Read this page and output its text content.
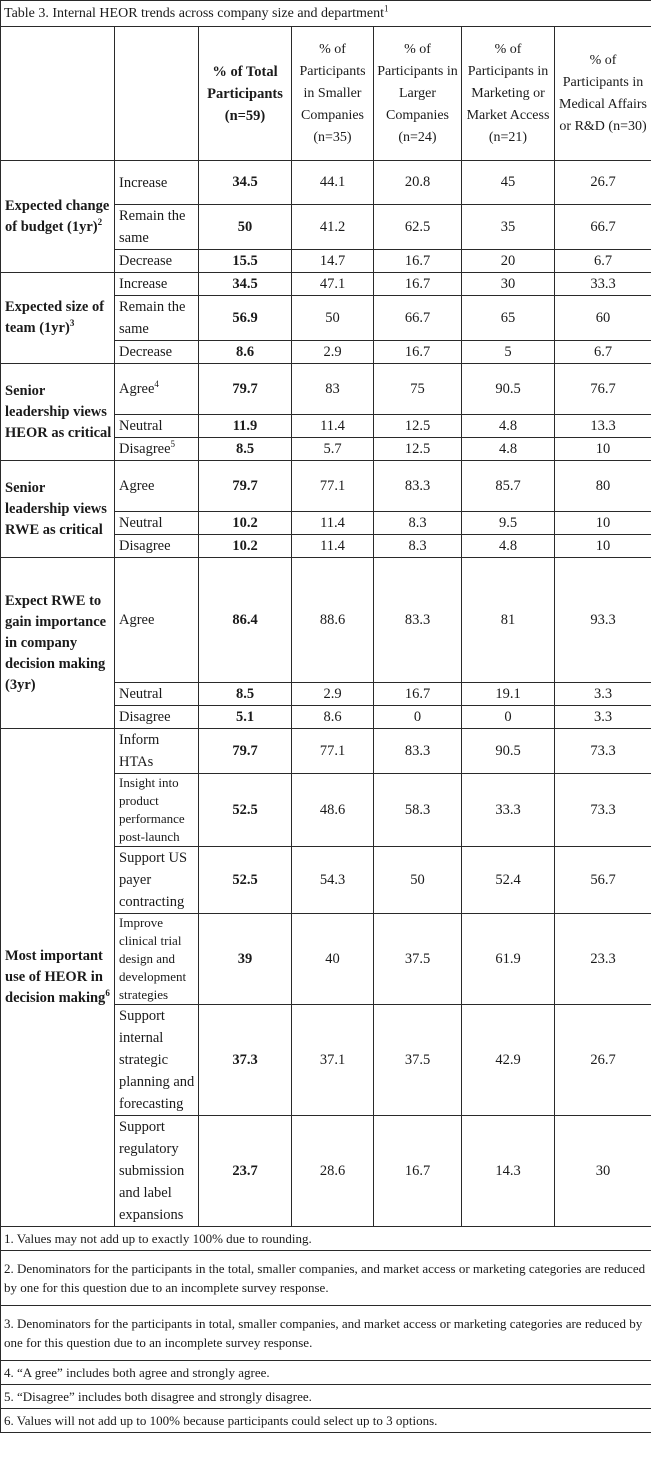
Table 3. Internal HEOR trends across company size and department$^1$
		% of Total Participants (n=59)	% of Participants in Smaller Companies (n=35)	% of Participants in Larger Companies (n=24)	% of Participants in Marketing or Market Access (n=21)	% of Participants in Medical Affairs or R&D (n=30)
Expected change of budget $(1yr)^2$	Increase	34.5	44.1	20.8	45	26.7
	Remain the same	50	41.2	62.5	35	66.7
	Decrease	15.5	14.7	16.7	20	6.7
Expected size of team $(1yr)^3$	Increase	34.5	47.1	16.7	30	33.3
	Remain the same	56.9	50	66.7	65	60
	Decrease	8.6	2.9	16.7	5	6.7
Senior leadership views HEOR as critical	Agree$^4$	79.7	83	75	90.5	76.7
	Neutral	11.9	11.4	12.5	4.8	13.3
	Disagree$^5$	8.5	5.7	12.5	4.8	10
Senior leadership views RWE as critical	Agree	79.7	77.1	83.3	85.7	80
	Neutral	10.2	11.4	8.3	9.5	10
	Disagree	10.2	11.4	8.3	4.8	10
Expect RWE to gain importance in company decision making (3yr)	Agree	86.4	88.6	83.3	81	93.3
	Neutral	8.5	2.9	16.7	19.1	3.3
	Disagree	5.1	8.6	0	0	3.3
Most important use of HEOR in decision making$^6$	Inform HTAs	79.7	77.1	83.3	90.5	73.3
	Insight into product performance post-launch	52.5	48.6	58.3	33.3	73.3
	Support US payer contracting	52.5	54.3	50	52.4	56.7
	Improve clinical trial design and development strategies	39	40	37.5	61.9	23.3
	Support internal strategic planning and forecasting	37.3	37.1	37.5	42.9	26.7
	Support regulatory submission and label expansions	23.7	28.6	16.7	14.3	30
1. Values may not add up to exactly 100% due to rounding.						
2. Denominators for the participants in the total, smaller companies, and market access or marketing categories are reduced by one for this question due to an incomplete survey response.						
3. Denominators for the participants in total, smaller companies, and market access or marketing categories are reduced by one for this question due to an incomplete survey response.						
4. “A gree” includes both agree and strongly agree.						
5. “Disagree” includes both disagree and strongly disagree.						
6. Values will not add up to 100% because participants could select up to 3 options.						
